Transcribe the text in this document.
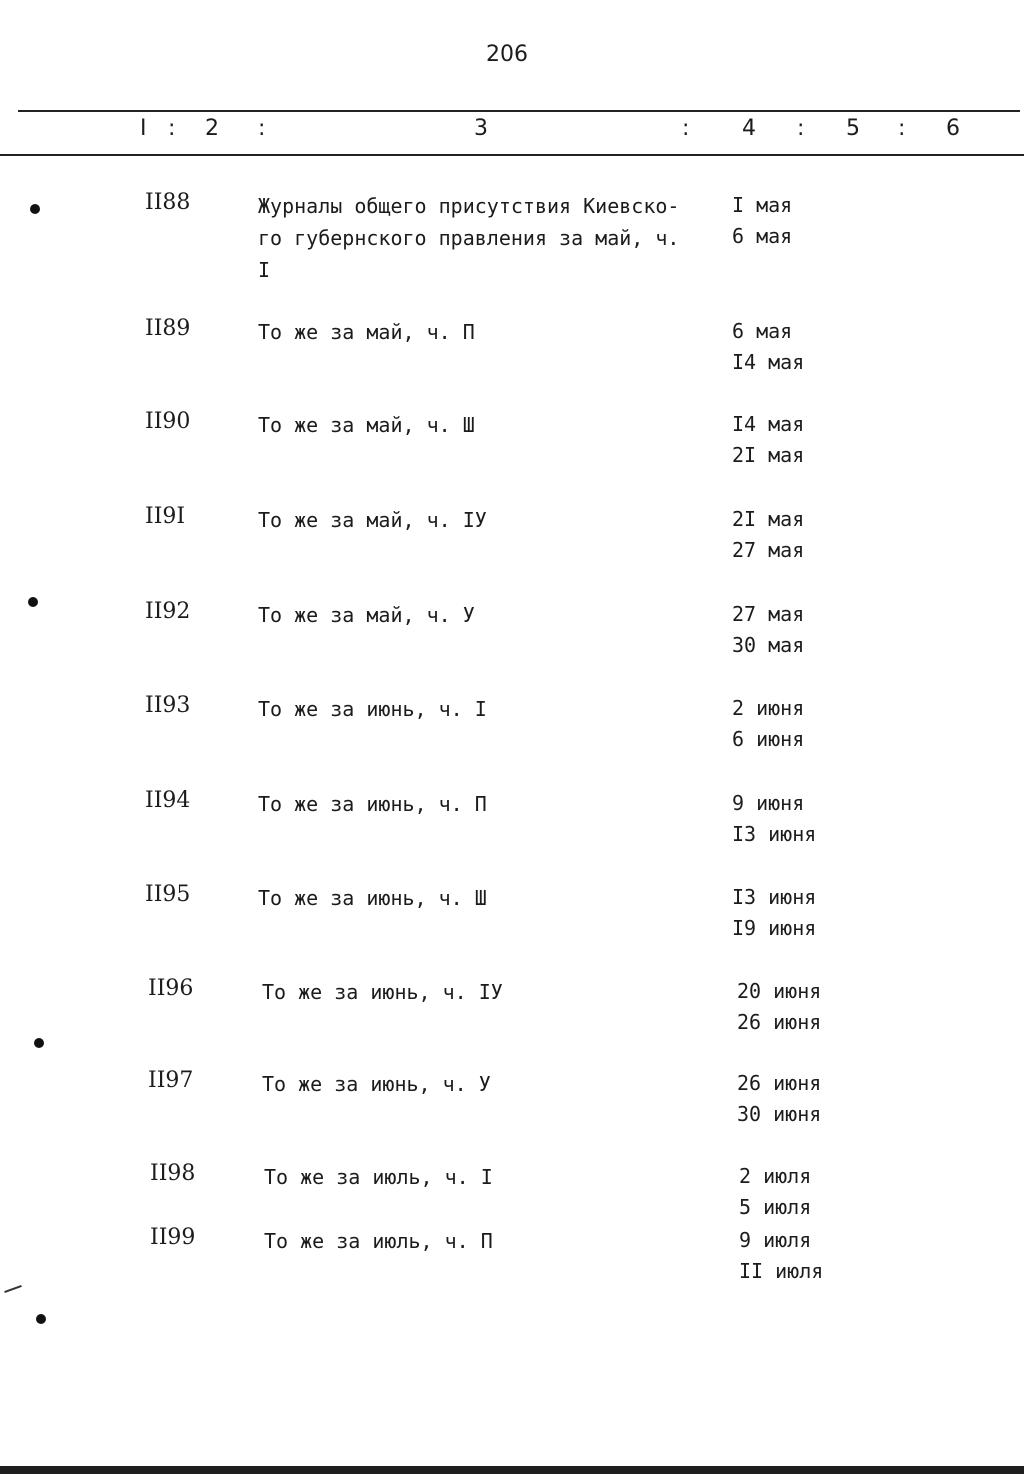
206
I : 2 :	3	: 4 : 5 : 6
II88	Журналы общего присутствия Киевско-
го губернского правления за май, ч.
I
I мая
6 мая
II89	То же за май, ч. П	6 мая
I4 мая
II90	То же за май, ч. Ш	I4 мая
2I мая
II9I	То же за май, ч. IУ	2I мая
27 мая
II92	То же за май, ч. У	27 мая
30 мая
II93	То же за июнь, ч. I	2 июня
6 июня
II94	То же за июнь, ч. П	9 июня
I3 июня
II95	То же за июнь, ч. Ш	I3 июня
I9 июня
II96	То же за июнь, ч. IУ	20 июня
26 июня
II97	То же за июнь, ч. У	26 июня
30 июня
II98	То же за июль, ч. I	2 июля
5 июля
II99	То же за июль, ч. П	9 июля
II июля
